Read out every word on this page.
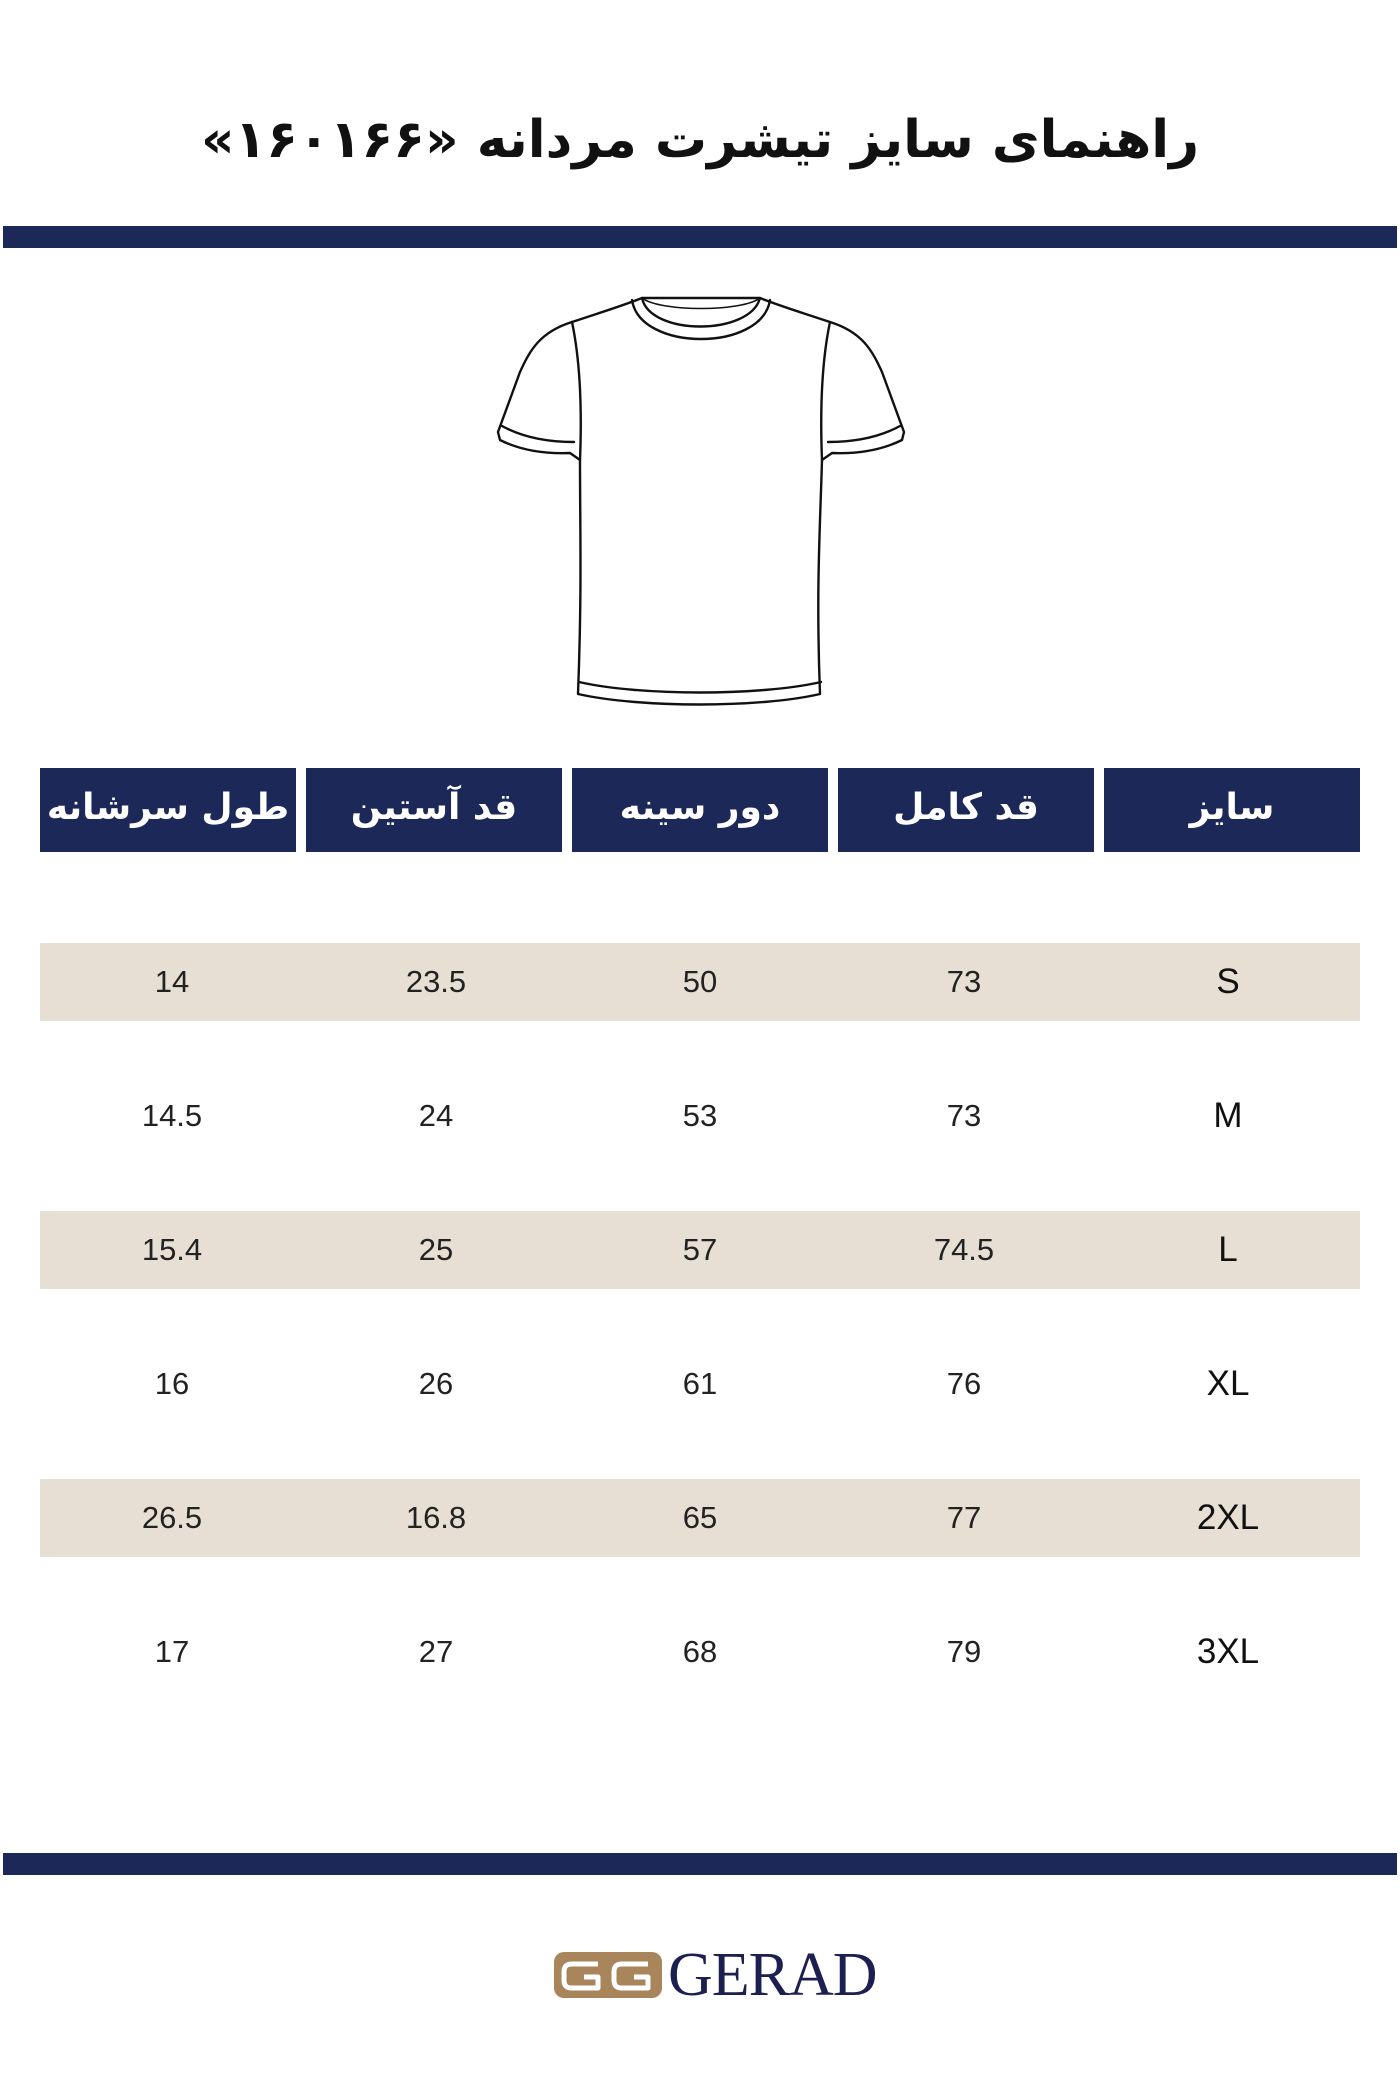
راهنمای سایز تیشرت مردانه «۱۶۰۱۶۶»
سایز
قد کامل
دور سینه
قد آستین
طول سرشانه
S
73
50
23.5
14
M
73
53
24
14.5
L
74.5
57
25
15.4
XL
76
61
26
16
2XL
77
65
16.8
26.5
3XL
79
68
27
17
GERAD
